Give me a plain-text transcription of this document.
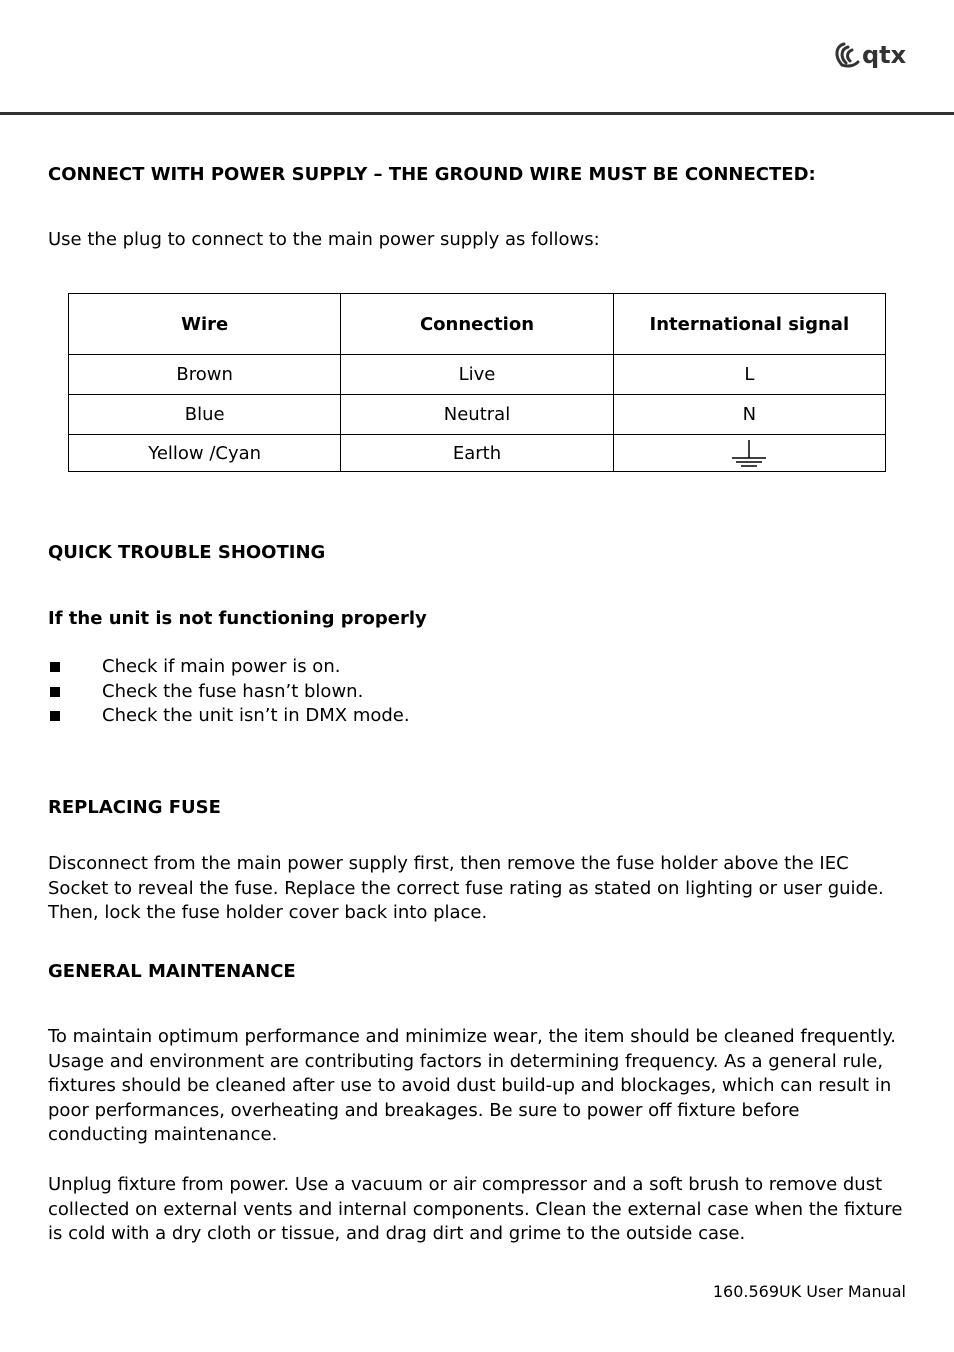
qtx
CONNECT WITH POWER SUPPLY – THE GROUND WIRE MUST BE CONNECTED:

Use the plug to connect to the main power supply as follows:

Wire	Connection	International signal
Brown	Live	L
Blue	Neutral	N
Yellow /Cyan	Earth	
QUICK TROUBLE SHOOTING
If the unit is not functioning properly
Check if main power is on.
Check the fuse hasn’t blown.
Check the unit isn’t in DMX mode.
REPLACING FUSE
Disconnect from the main power supply first, then remove the fuse holder above the IEC
Socket to reveal the fuse. Replace the correct fuse rating as stated on lighting or user guide.
Then, lock the fuse holder cover back into place.
GENERAL MAINTENANCE
To maintain optimum performance and minimize wear, the item should be cleaned frequently.
Usage and environment are contributing factors in determining frequency. As a general rule,
fixtures should be cleaned after use to avoid dust build-up and blockages, which can result in
poor performances, overheating and breakages. Be sure to power off fixture before
conducting maintenance.
Unplug fixture from power. Use a vacuum or air compressor and a soft brush to remove dust
collected on external vents and internal components. Clean the external case when the fixture
is cold with a dry cloth or tissue, and drag dirt and grime to the outside case.
160.569UK User Manual
